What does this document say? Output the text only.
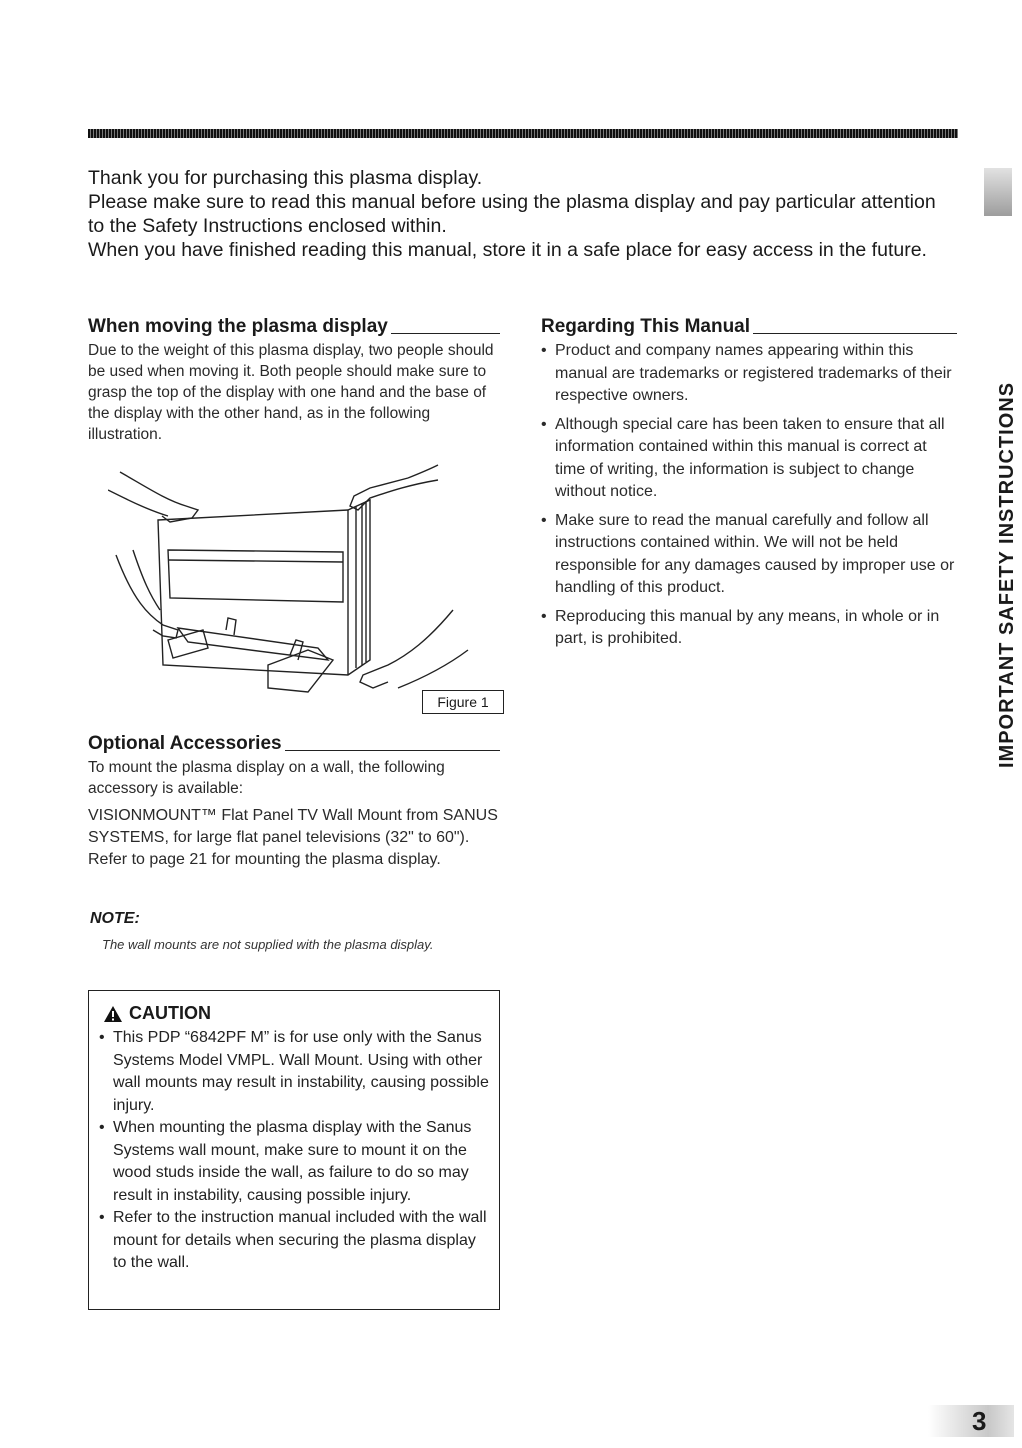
Thank you for purchasing this plasma display.

Please make sure to read this manual before using the plasma display and pay particular attention to the Safety Instructions enclosed within.

When you have finished reading this manual, store it in a safe place for easy access in the future.

When moving the plasma display

Due to the weight of this plasma display, two people should be used when moving it. Both people should make sure to grasp the top of the display with one hand and the base of the display with the other hand, as in the following illustration.

Figure 1
Optional Accessories

To mount the plasma display on a wall, the following accessory is available:

VISIONMOUNT™ Flat Panel TV Wall Mount from SANUS SYSTEMS, for large flat panel televisions (32" to 60"). Refer to page 21 for mounting the plasma display.

NOTE:
The wall mounts are not supplied with the plasma display.
CAUTION
• This PDP “6842PF M” is for use only with the Sanus Systems Model VMPL. Wall Mount. Using with other wall mounts may result in instability, causing possible injury.
• When mounting the plasma display with the Sanus Systems wall mount, make sure to mount it on the wood studs inside the wall, as failure to do so may result in instability, causing possible injury.
• Refer to the instruction manual included with the wall mount for details when securing the plasma display to the wall.
Regarding This Manual
• Product and company names appearing within this manual are trademarks or registered trademarks of their respective owners.
• Although special care has been taken to ensure that all information contained within this manual is correct at time of writing, the information is subject to change without notice.
• Make sure to read the manual carefully and follow all instructions contained within. We will not be held responsible for any damages caused by improper use or handling of this product.
• Reproducing this manual by any means, in whole or in part, is prohibited.	IMPORTANT SAFETY INSTRUCTIONS
3
